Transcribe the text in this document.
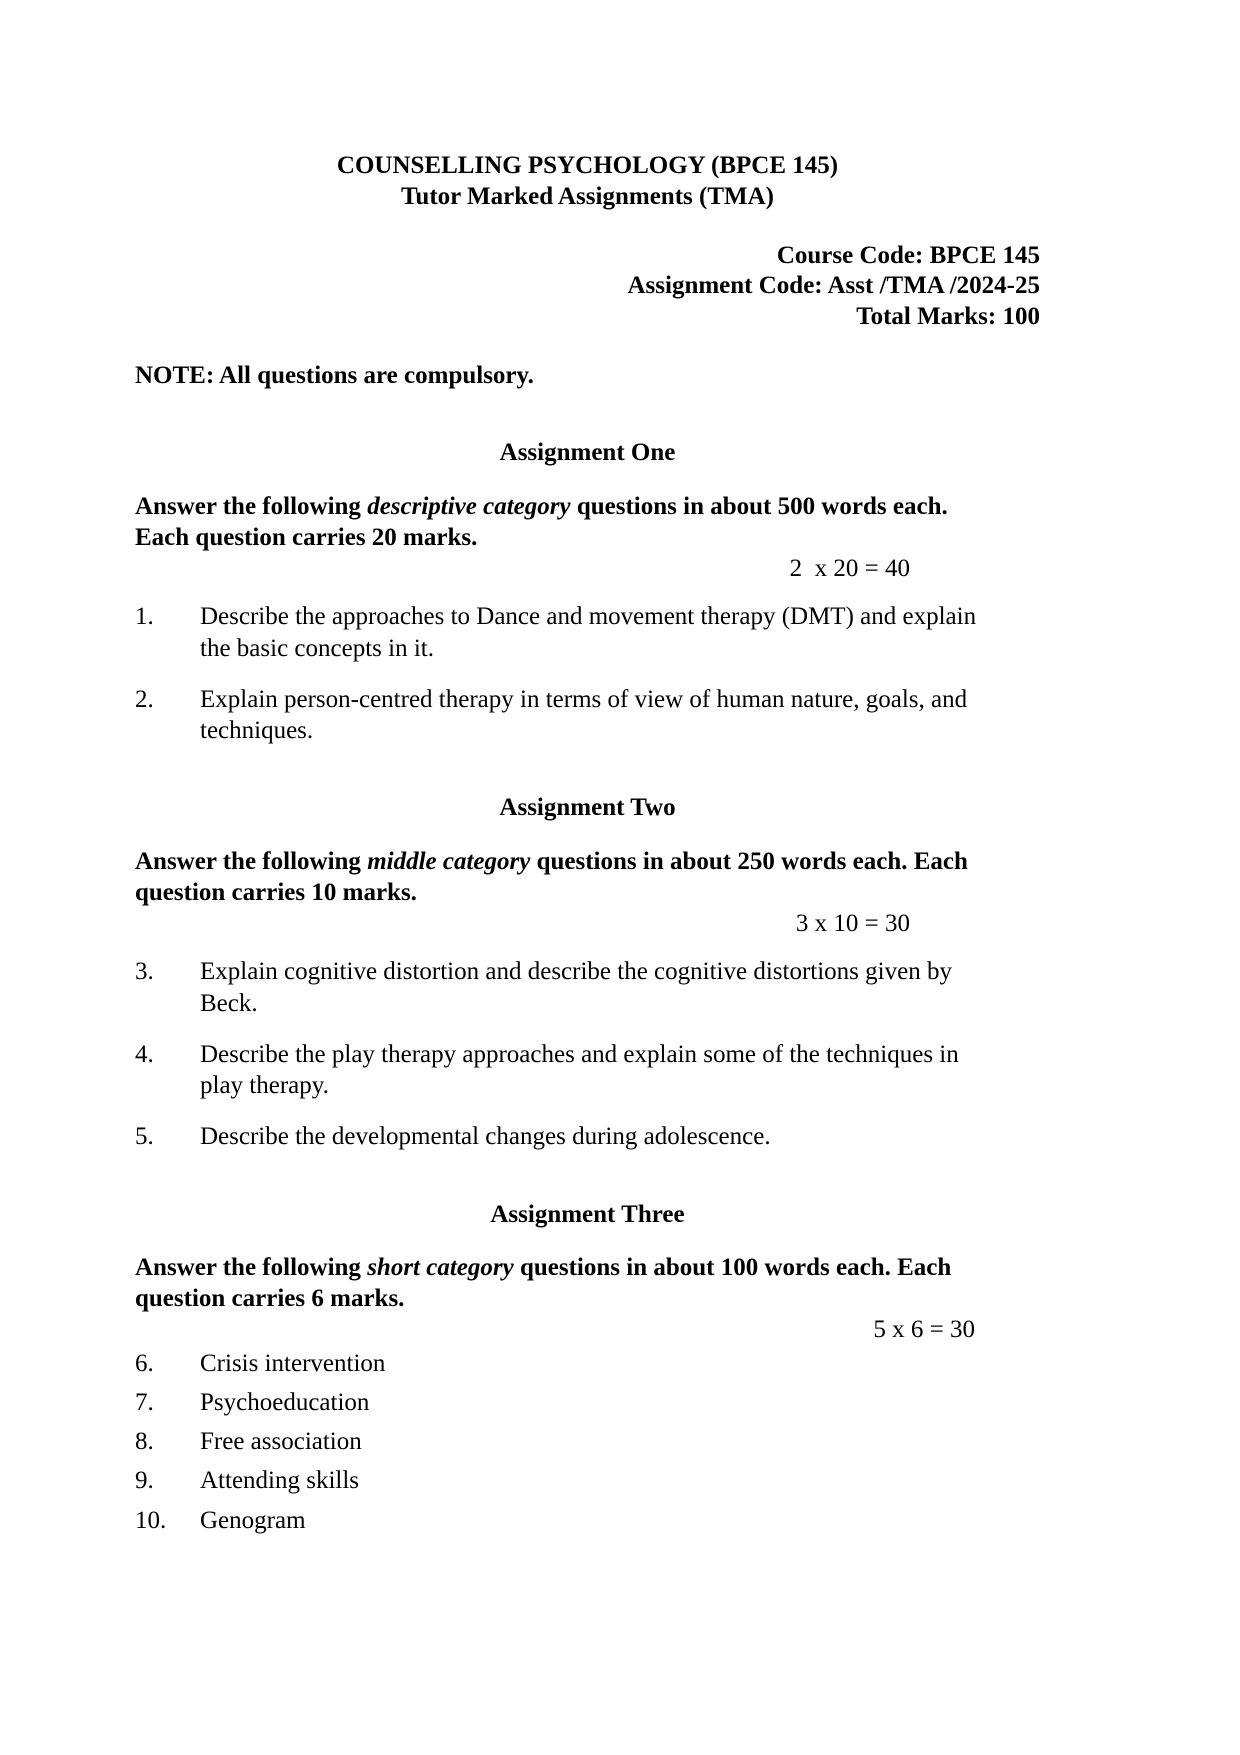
COUNSELLING PSYCHOLOGY (BPCE 145)
Tutor Marked Assignments (TMA)
Course Code: BPCE 145
Assignment Code: Asst /TMA /2024-25
Total Marks: 100
NOTE: All questions are compulsory.
Assignment One

Answer the following descriptive category questions in about 500 words each. Each question carries 20 marks.

2  x 20 = 40
1.	Describe the approaches to Dance and movement therapy (DMT) and explain the basic concepts in it.
2.	Explain person-centred therapy in terms of view of human nature, goals, and techniques.
Assignment Two

Answer the following middle category questions in about 250 words each. Each question carries 10 marks.

3 x 10 = 30
3.	Explain cognitive distortion and describe the cognitive distortions given by Beck.
4.	Describe the play therapy approaches and explain some of the techniques in play therapy.
5.	Describe the developmental changes during adolescence.
Assignment Three

Answer the following short category questions in about 100 words each. Each question carries 6 marks.

5 x 6 = 30
6.	Crisis intervention
7.	Psychoeducation
8.	Free association
9.	Attending skills
10.	Genogram
